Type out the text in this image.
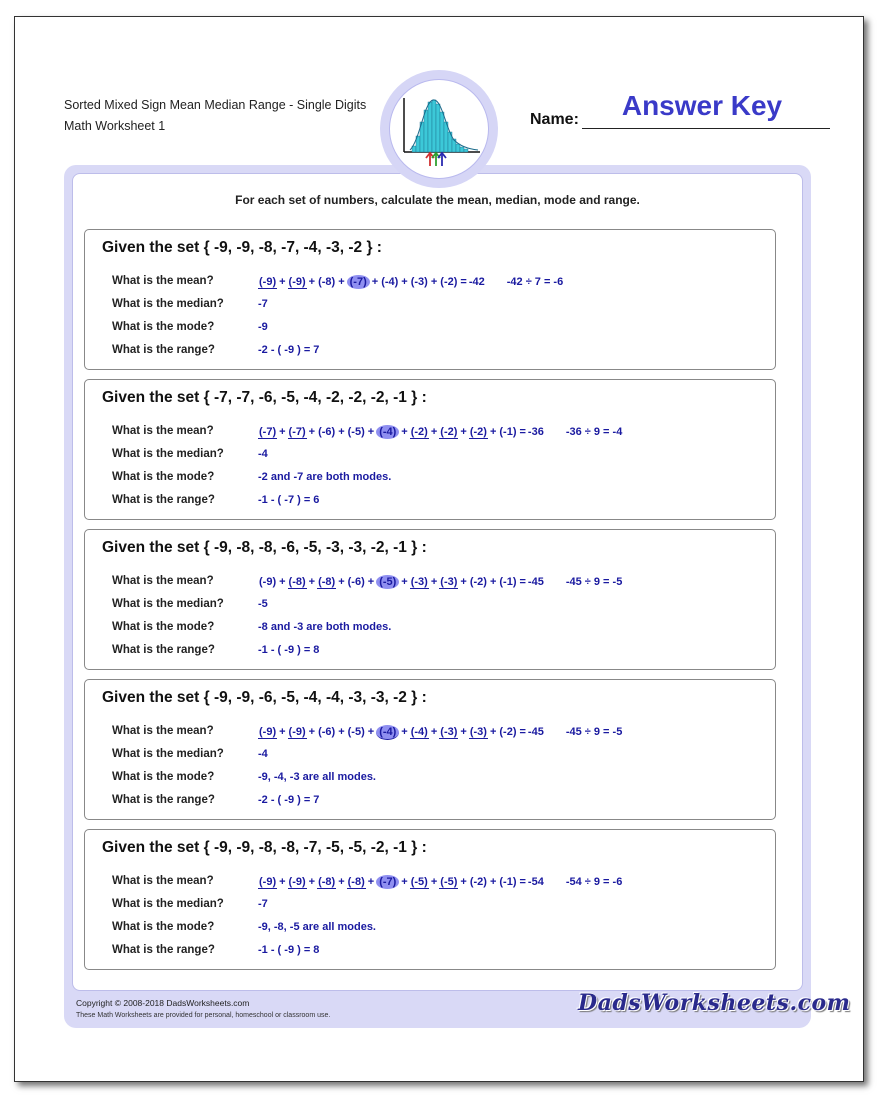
Sorted Mixed Sign Mean Median Range - Single Digits
Math Worksheet 1
Answer Key
Name:
For each set of numbers, calculate the mean, median, mode and range.
Given the set { -9, -9, -8, -7, -4, -3, -2 } :
What is the mean?	(-9) + (-9) + (-8) + (-7) + (-4) + (-3) + (-2) = -42 -42 ÷ 7 = -6
What is the median?	-7
What is the mode?	-9
What is the range?	-2 - ( -9 ) = 7
Given the set { -7, -7, -6, -5, -4, -2, -2, -2, -1 } :
What is the mean?	(-7) + (-7) + (-6) + (-5) + (-4) + (-2) + (-2) + (-2) + (-1) = -36 -36 ÷ 9 = -4
What is the median?	-4
What is the mode?	-2 and -7 are both modes.
What is the range?	-1 - ( -7 ) = 6
Given the set { -9, -8, -8, -6, -5, -3, -3, -2, -1 } :
What is the mean?	(-9) + (-8) + (-8) + (-6) + (-5) + (-3) + (-3) + (-2) + (-1) = -45 -45 ÷ 9 = -5
What is the median?	-5
What is the mode?	-8 and -3 are both modes.
What is the range?	-1 - ( -9 ) = 8
Given the set { -9, -9, -6, -5, -4, -4, -3, -3, -2 } :
What is the mean?	(-9) + (-9) + (-6) + (-5) + (-4) + (-4) + (-3) + (-3) + (-2) = -45 -45 ÷ 9 = -5
What is the median?	-4
What is the mode?	-9, -4, -3 are all modes.
What is the range?	-2 - ( -9 ) = 7
Given the set { -9, -9, -8, -8, -7, -5, -5, -2, -1 } :
What is the mean?	(-9) + (-9) + (-8) + (-8) + (-7) + (-5) + (-5) + (-2) + (-1) = -54 -54 ÷ 9 = -6
What is the median?	-7
What is the mode?	-9, -8, -5 are all modes.
What is the range?	-1 - ( -9 ) = 8
Copyright © 2008-2018 DadsWorksheets.com
These Math Worksheets are provided for personal, homeschool or classroom use.	DadsWorksheets.com
